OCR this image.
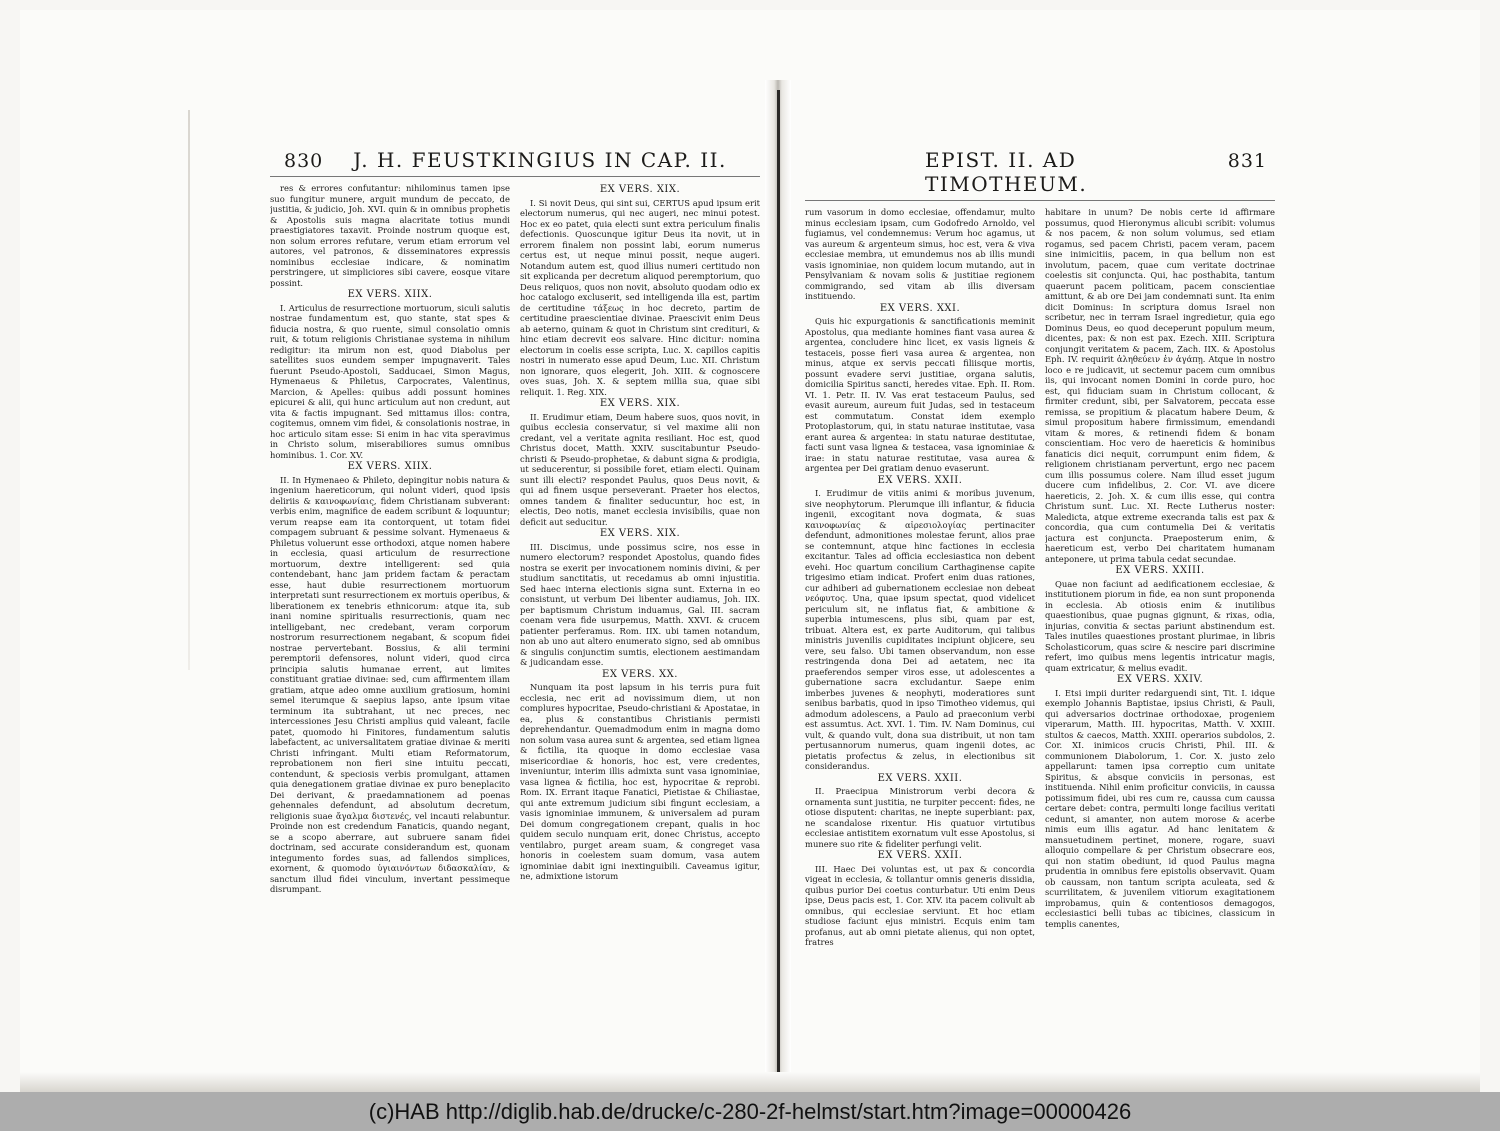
830 J. H. FEUSTKINGIUS IN CAP. II.

res & errores confutantur: nihilominus tamen ipse suo fungitur munere, arguit mundum de peccato, de justitia, & judicio, Joh. XVI. quin & in omnibus prophetis & Apostolis suis magna alacritate totius mundi praestigiatores taxavit. Proinde nostrum quoque est, non solum errores refutare, verum etiam errorum vel autores, vel patronos, & disseminatores expressis nominibus ecclesiae indicare, & nominatim perstringere, ut simpliciores sibi cavere, eosque vitare possint.

EX VERS. XIIX.

I. Articulus de resurrectione mortuorum, siculi salutis nostrae fundamentum est, quo stante, stat spes & fiducia nostra, & quo ruente, simul consolatio omnis ruit, & totum religionis Christianae systema in nihilum redigitur: ita mirum non est, quod Diabolus per satellites suos eundem semper impugnaverit. Tales fuerunt Pseudo-Apostoli, Sadducaei, Simon Magus, Hymenaeus & Philetus, Carpocrates, Valentinus, Marcion, & Apelles: quibus addi possunt homines epicurei & alii, qui hunc articulum aut non credunt, aut vita & factis impugnant. Sed mittamus illos: contra, cogitemus, omnem vim fidei, & consolationis nostrae, in hoc articulo sitam esse: Si enim in hac vita speravimus in Christo solum, miserabiliores sumus omnibus hominibus. 1. Cor. XV.

EX VERS. XIIX.

II. In Hymenaeo & Phileto, depingitur nobis natura & ingenium haereticorum, qui nolunt videri, quod ipsis deliriis & καινοφωνίαις, fidem Christianam subverant: verbis enim, magnifice de eadem scribunt & loquuntur; verum reapse eam ita contorquent, ut totam fidei compagem subruant & pessime solvant. Hymenaeus & Philetus voluerunt esse orthodoxi, atque nomen habere in ecclesia, quasi articulum de resurrectione mortuorum, dextre intelligerent: sed quia contendebant, hanc jam pridem factam & peractam esse, haut dubie resurrectionem mortuorum interpretati sunt resurrectionem ex mortuis operibus, & liberationem ex tenebris ethnicorum: atque ita, sub inani nomine spiritualis resurrectionis, quam nec intelligebant, nec credebant, veram corporum nostrorum resurrectionem negabant, & scopum fidei nostrae pervertebant. Bossius, & alii termini peremptorii defensores, nolunt videri, quod circa principia salutis humanae errent, aut limites constituant gratiae divinae: sed, cum affirmentem illam gratiam, atque adeo omne auxilium gratiosum, homini semel iterumque & saepius lapso, ante ipsum vitae terminum ita subtrahant, ut nec preces, nec intercessiones Jesu Christi amplius quid valeant, facile patet, quomodo hi Finitores, fundamentum salutis labefactent, ac universalitatem gratiae divinae & meriti Christi infringant. Multi etiam Reformatorum, reprobationem non fieri sine intuitu peccati, contendunt, & speciosis verbis promulgant, attamen quia denegationem gratiae divinae ex puro beneplacito Dei derivant, & praedamnationem ad poenas gehennales defendunt, ad absolutum decretum, religionis suae ἄγαλμα διστενές, vel incauti relabuntur. Proinde non est credendum Fanaticis, quando negant, se a scopo aberrare, aut subruere sanam fidei doctrinam, sed accurate considerandum est, quonam integumento fordes suas, ad fallendos simplices, exornent, & quomodo ὑγιαινόντων διδασκαλίαν, & sanctum illud fidei vinculum, invertant pessimeque disrumpant.

EX VERS. XIX.

I. Si novit Deus, qui sint sui, CERTUS apud ipsum erit electorum numerus, qui nec augeri, nec minui potest. Hoc ex eo patet, quia electi sunt extra periculum finalis defectionis. Quoscunque igitur Deus ita novit, ut in errorem finalem non possint labi, eorum numerus certus est, ut neque minui possit, neque augeri. Notandum autem est, quod illius numeri certitudo non sit explicanda per decretum aliquod peremptorium, quo Deus reliquos, quos non novit, absoluto quodam odio ex hoc catalogo excluserit, sed intelligenda illa est, partim de certitudine τάξεως in hoc decreto, partim de certitudine praescientiae divinae. Praescivit enim Deus ab aeterno, quinam & quot in Christum sint credituri, & hinc etiam decrevit eos salvare. Hinc dicitur: nomina electorum in coelis esse scripta, Luc. X. capillos capitis nostri in numerato esse apud Deum, Luc. XII. Christum non ignorare, quos elegerit, Joh. XIII. & cognoscere oves suas, Joh. X. & septem millia sua, quae sibi reliquit. 1. Reg. XIX.

EX VERS. XIX.

II. Erudimur etiam, Deum habere suos, quos novit, in quibus ecclesia conservatur, si vel maxime alii non credant, vel a veritate agnita resiliant. Hoc est, quod Christus docet, Matth. XXIV. suscitabuntur Pseudo-christi & Pseudo-prophetae, & dabunt signa & prodigia, ut seducerentur, si possibile foret, etiam electi. Quinam sunt illi electi? respondet Paulus, quos Deus novit, & qui ad finem usque perseverant. Praeter hos electos, omnes tandem & finaliter seducuntur, hoc est, in electis, Deo notis, manet ecclesia invisibilis, quae non deficit aut seducitur.

EX VERS. XIX.

III. Discimus, unde possimus scire, nos esse in numero electorum? respondet Apostolus, quando fides nostra se exerit per invocationem nominis divini, & per studium sanctitatis, ut recedamus ab omni injustitia. Sed haec interna electionis signa sunt. Externa in eo consistunt, ut verbum Dei libenter audiamus, Joh. IIX. per baptismum Christum induamus, Gal. III. sacram coenam vera fide usurpemus, Matth. XXVI. & crucem patienter perferamus. Rom. IIX. ubi tamen notandum, non ab uno aut altero enumerato signo, sed ab omnibus & singulis conjunctim sumtis, electionem aestimandam & judicandam esse.

EX VERS. XX.

Nunquam ita post lapsum in his terris pura fuit ecclesia, nec erit ad novissimum diem, ut non complures hypocritae, Pseudo-christiani & Apostatae, in ea, plus & constantibus Christianis permisti deprehendantur. Quemadmodum enim in magna domo non solum vasa aurea sunt & argentea, sed etiam lignea & fictilia, ita quoque in domo ecclesiae vasa misericordiae & honoris, hoc est, vere credentes, inveniuntur, interim illis admixta sunt vasa ignominiae, vasa lignea & fictilia, hoc est, hypocritae & reprobi. Rom. IX. Errant itaque Fanatici, Pietistae & Chiliastae, qui ante extremum judicium sibi fingunt ecclesiam, a vasis ignominiae immunem, & universalem ad puram Dei domum congregationem crepant, qualis in hoc quidem seculo nunquam erit, donec Christus, accepto ventilabro, purget aream suam, & congreget vasa honoris in coelestem suam domum, vasa autem ignominiae dabit igni inextinguibili. Caveamus igitur, ne, admixtione istorum

EPIST. II. AD TIMOTHEUM.
831

rum vasorum in domo ecclesiae, offendamur, multo minus ecclesiam ipsam, cum Godofredo Arnoldo, vel fugiamus, vel condemnemus: Verum hoc agamus, ut vas aureum & argenteum simus, hoc est, vera & viva ecclesiae membra, ut emundemus nos ab illis mundi vasis ignominiae, non quidem locum mutando, aut in Pensylvaniam & novam solis & justitiae regionem commigrando, sed vitam ab illis diversam instituendo.

EX VERS. XXI.

Quis hic expurgationis & sanctificationis meminit Apostolus, qua mediante homines fiant vasa aurea & argentea, concludere hinc licet, ex vasis ligneis & testaceis, posse fieri vasa aurea & argentea, non minus, atque ex servis peccati filiisque mortis, possunt evadere servi justitiae, organa salutis, domicilia Spiritus sancti, heredes vitae. Eph. II. Rom. VI. 1. Petr. II. IV. Vas erat testaceum Paulus, sed evasit aureum, aureum fuit Judas, sed in testaceum est commutatum. Constat idem exemplo Protoplastorum, qui, in statu naturae institutae, vasa erant aurea & argentea: in statu naturae destitutae, facti sunt vasa lignea & testacea, vasa ignominiae & irae: in statu naturae restitutae, vasa aurea & argentea per Dei gratiam denuo evaserunt.

EX VERS. XXII.

I. Erudimur de vitiis animi & moribus juvenum, sive neophytorum. Plerumque illi inflantur, & fiducia ingenii, excogitant nova dogmata, & suas καινοφωνίας & αἱρεσιολογίας pertinaciter defendunt, admonitiones molestae ferunt, alios prae se contemnunt, atque hinc factiones in ecclesia excitantur. Tales ad officia ecclesiastica non debent evehi. Hoc quartum concilium Carthaginense capite trigesimo etiam indicat. Profert enim duas rationes, cur adhiberi ad gubernationem ecclesiae non debeat νεόφυτος. Una, quae ipsum spectat, quod videlicet periculum sit, ne inflatus fiat, & ambitione & superbia intumescens, plus sibi, quam par est, tribuat. Altera est, ex parte Auditorum, qui talibus ministris juvenilis cupiditates incipiunt objicere, seu vere, seu falso. Ubi tamen observandum, non esse restringenda dona Dei ad aetatem, nec ita praeferendos semper viros esse, ut adolescentes a gubernatione sacra excludantur. Saepe enim imberbes juvenes & neophyti, moderatiores sunt senibus barbatis, quod in ipso Timotheo videmus, qui admodum adolescens, a Paulo ad praeconium verbi est assumtus. Act. XVI. 1. Tim. IV. Nam Dominus, cui vult, & quando vult, dona sua distribuit, ut non tam pertusannorum numerus, quam ingenii dotes, ac pietatis profectus & zelus, in electionibus sit considerandus.

EX VERS. XXII.

II. Praecipua Ministrorum verbi decora & ornamenta sunt justitia, ne turpiter peccent: fides, ne otiose disputent: charitas, ne inepte superbiant: pax, ne scandalose rixentur. His quatuor virtutibus ecclesiae antistitem exornatum vult esse Apostolus, si munere suo rite & fideliter perfungi velit.

EX VERS. XXII.

III. Haec Dei voluntas est, ut pax & concordia vigeat in ecclesia, & tollantur omnis generis dissidia, quibus purior Dei coetus conturbatur. Uti enim Deus ipse, Deus pacis est, 1. Cor. XIV. ita pacem colivult ab omnibus, qui ecclesiae serviunt. Et hoc etiam studiose faciunt ejus ministri. Ecquis enim tam profanus, aut ab omni pietate alienus, qui non optet, fratres

habitare in unum? De nobis certe id affirmare possumus, quod Hieronymus alicubi scribit: volumus & nos pacem, & non solum volumus, sed etiam rogamus, sed pacem Christi, pacem veram, pacem sine inimicitiis, pacem, in qua bellum non est involutum, pacem, quae cum veritate doctrinae coelestis sit conjuncta. Qui, hac posthabita, tantum quaerunt pacem politicam, pacem conscientiae amittunt, & ab ore Dei jam condemnati sunt. Ita enim dicit Dominus: In scriptura domus Israel non scribetur, nec in terram Israel ingredietur, quia ego Dominus Deus, eo quod deceperunt populum meum, dicentes, pax: & non est pax. Ezech. XIII. Scriptura conjungit veritatem & pacem, Zach. IIX. & Apostolus Eph. IV. requirit ἀληθεύειν ἐν ἀγάπῃ. Atque in nostro loco e re judicavit, ut sectemur pacem cum omnibus iis, qui invocant nomen Domini in corde puro, hoc est, qui fiduciam suam in Christum collocant, & firmiter credunt, sibi, per Salvatorem, peccata esse remissa, se propitium & placatum habere Deum, & simul propositum habere firmissimum, emendandi vitam & mores, & retinendi fidem & bonam conscientiam. Hoc vero de haereticis & hominibus fanaticis dici nequit, corrumpunt enim fidem, & religionem christianam pervertunt, ergo nec pacem cum illis possumus colere. Nam illud esset jugum ducere cum infidelibus, 2. Cor. VI. ave dicere haereticis, 2. Joh. X. & cum illis esse, qui contra Christum sunt. Luc. XI. Recte Lutherus noster: Maledicta, atque extreme execranda talis est pax & concordia, qua cum contumelia Dei & veritatis jactura est conjuncta. Praeposterum enim, & haereticum est, verbo Dei charitatem humanam anteponere, ut prima tabula cedat secundae.

EX VERS. XXIII.

Quae non faciunt ad aedificationem ecclesiae, & institutionem piorum in fide, ea non sunt proponenda in ecclesia. Ab otiosis enim & inutilibus quaestionibus, quae pugnas gignunt, & rixas, odia, injurias, convitia & sectas pariunt abstinendum est. Tales inutiles quaestiones prostant plurimae, in libris Scholasticorum, quas scire & nescire pari discrimine refert, imo quibus mens legentis intricatur magis, quam extricatur, & melius evadit.

EX VERS. XXIV.

I. Etsi impii duriter redarguendi sint, Tit. I. idque exemplo Johannis Baptistae, ipsius Christi, & Pauli, qui adversarios doctrinae orthodoxae, progeniem viperarum, Matth. III. hypocritas, Matth. V. XXIII. stultos & caecos, Matth. XXIII. operarios subdolos, 2. Cor. XI. inimicos crucis Christi, Phil. III. & communionem Diabolorum, 1. Cor. X. justo zelo appellarunt: tamen ipsa correptio cum unitate Spiritus, & absque conviciis in personas, est instituenda. Nihil enim proficitur conviciis, in caussa potissimum fidei, ubi res cum re, caussa cum caussa certare debet: contra, permulti longe facilius veritati cedunt, si amanter, non autem morose & acerbe nimis eum illis agatur. Ad hanc lenitatem & mansuetudinem pertinet, monere, rogare, suavi alloquio compellare & per Christum obsecrare eos, qui non statim obediunt, id quod Paulus magna prudentia in omnibus fere epistolis observavit. Quam ob caussam, non tantum scripta aculeata, sed & scurrilitatem, & juvenilem vitiorum exagitationem improbamus, quin & contentiosos demagogos, ecclesiastici belli tubas ac tibicines, classicum in templis canentes,

(c)HAB http://diglib.hab.de/drucke/c-280-2f-helmst/start.htm?image=00000426
